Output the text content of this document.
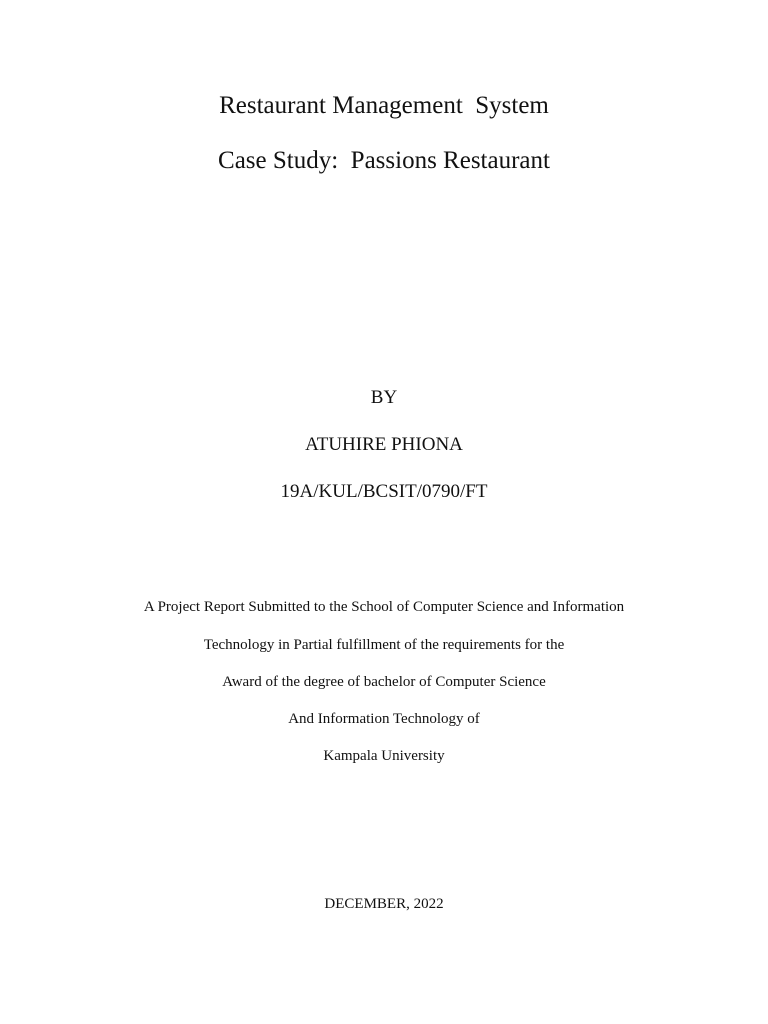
Restaurant Management  System

Case Study:  Passions Restaurant

BY

ATUHIRE PHIONA

19A/KUL/BCSIT/0790/FT

A Project Report Submitted to the School of Computer Science and Information

Technology in Partial fulfillment of the requirements for the

Award of the degree of bachelor of Computer Science

And Information Technology of

Kampala University

DECEMBER, 2022
